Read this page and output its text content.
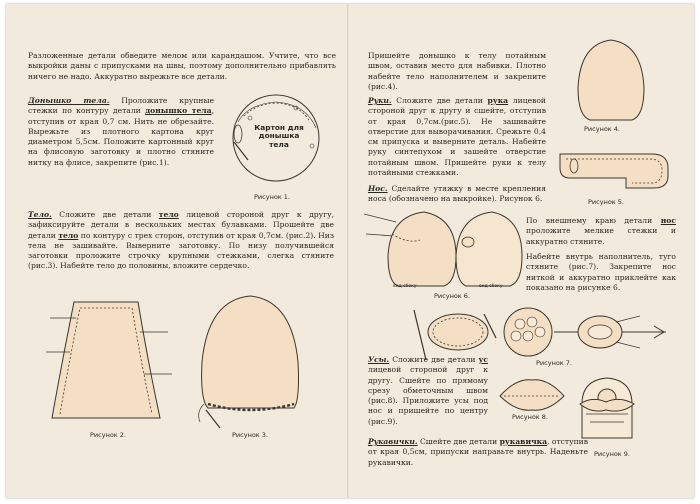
Разложенные детали обведите мелом или карандашом. Учтите, что все выкройки даны с припусками на швы, поэтому дополнительно прибавлять ничего не надо. Аккуратно вырежьте все детали.

Донышко тела. Проложите крупные стежки по контуру детали донышко тела, отступив от края 0,7 см. Нить не обрезайте. Вырежьте из плотного картона круг диаметром 5,5см. Положите картонный круг на флисовую заготовку и плотно стяните нитку на флисе, закрепите (рис.1).

Картон для донышка тела
Рисунок 1.

Тело. Сложите две детали тело лицевой стороной друг к другу, зафиксируйте детали в нескольких местах булавками. Прошейте две детали тело по контуру с трех сторон, отступив от края 0,7см. (рис.2). Низ тела не зашивайте. Выверните заготовку. По низу получившейся заготовки проложите строчку крупными стежками, слегка стяните (рис.3). Набейте тело до половины, вложите сердечко.

Рисунок 2.	Рисунок 3.

Пришейте донышко к телу потайным швом, оставив место для набивки. Плотно набейте тело наполнителем и закрепите (рис.4).

Рисунок 4.

Руки. Сложите две детали рука лицевой стороной друг к другу и сшейте, отступив от края 0,7см.(рис.5). Не зашивайте отверстие для выворачивания. Срежьте 0,4 см припуска и выверните деталь. Набейте руку синтепухом и зашейте отверстие потайным швом. Пришейте руки к телу потайными стежками.

Рисунок 5.

Нос. Сделайте утяжку в месте крепления носа (обозначено на выкройке). Рисунок 6.

вид сбоку	вид сбоку
Рисунок 6.

По внешнему краю детали нос проложите мелкие стежки и аккуратно стяните.

Набейте внутрь наполнитель, туго стяните (рис.7). Закрепите нос ниткой и аккуратно приклейте как показано на рисунке 6.

Рисунок 7.

Усы. Сложите две детали ус лицевой стороной друг к другу. Сшейте по прямому срезу обметочным швом (рис.8). Приложите усы под нос и пришейте по центру (рис.9).	Рисунок 8.
Рисунок 9.

Рукавички. Сшейте две детали рукавичка, отступив от края 0,5см, припуски направьте внутрь. Наденьте рукавички.
